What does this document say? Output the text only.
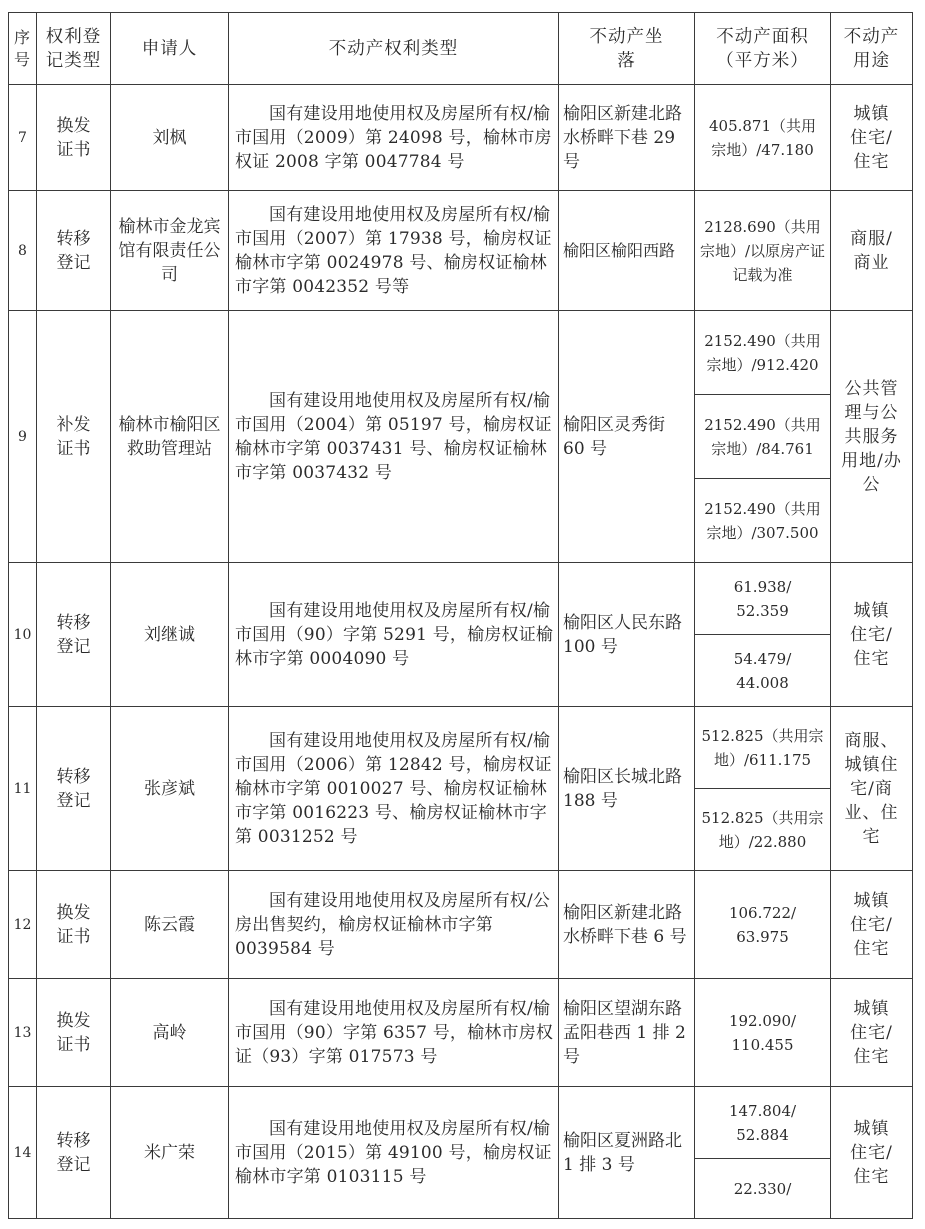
序号	权利登记类型	申请人	不动产权利类型	不动产坐落	不动产面积（平方米）	不动产用途
7	换发证书	刘枫	国有建设用地使用权及房屋所有权/榆市国用（2009）第 24098 号，榆林市房权证 2008 字第 0047784 号	榆阳区新建北路水桥畔下巷 29 号	405.871（共用宗地）/47.180	城镇住宅/住宅
8	转移登记	榆林市金龙宾馆有限责任公司	国有建设用地使用权及房屋所有权/榆市国用（2007）第 17938 号，榆房权证榆林市字第 0024978 号、榆房权证榆林市字第 0042352 号等	榆阳区榆阳西路	2128.690（共用宗地）/以原房产证记载为准	商服/商业
9	补发证书	榆林市榆阳区救助管理站	国有建设用地使用权及房屋所有权/榆市国用（2004）第 05197 号，榆房权证榆林市字第 0037431 号、榆房权证榆林市字第 0037432 号	榆阳区灵秀街 60 号	2152.490（共用宗地）/912.420	公共管理与公共服务用地/办公
					2152.490（共用宗地）/84.761	
					2152.490（共用宗地）/307.500	
10	转移登记	刘继诚	国有建设用地使用权及房屋所有权/榆市国用（90）字第 5291 号，榆房权证榆林市字第 0004090 号	榆阳区人民东路 100 号	61.938/ 52.359	城镇住宅/住宅
					54.479/ 44.008	
11	转移登记	张彦斌	国有建设用地使用权及房屋所有权/榆市国用（2006）第 12842 号，榆房权证榆林市字第 0010027 号、榆房权证榆林市字第 0016223 号、榆房权证榆林市字第 0031252 号	榆阳区长城北路 188 号	512.825（共用宗地）/611.175	商服、城镇住宅/商业、住宅
					512.825（共用宗地）/22.880	
12	换发证书	陈云霞	国有建设用地使用权及房屋所有权/公房出售契约，榆房权证榆林市字第 0039584 号	榆阳区新建北路水桥畔下巷 6 号	106.722/ 63.975	城镇住宅/住宅
13	换发证书	高岭	国有建设用地使用权及房屋所有权/榆市国用（90）字第 6357 号，榆林市房权证（93）字第 017573 号	榆阳区望湖东路孟阳巷西 1 排 2 号	192.090/ 110.455	城镇住宅/住宅
14	转移登记	米广荣	国有建设用地使用权及房屋所有权/榆市国用（2015）第 49100 号，榆房权证榆林市字第 0103115 号	榆阳区夏洲路北 1 排 3 号	147.804/ 52.884	城镇住宅/住宅
					22.330/	
